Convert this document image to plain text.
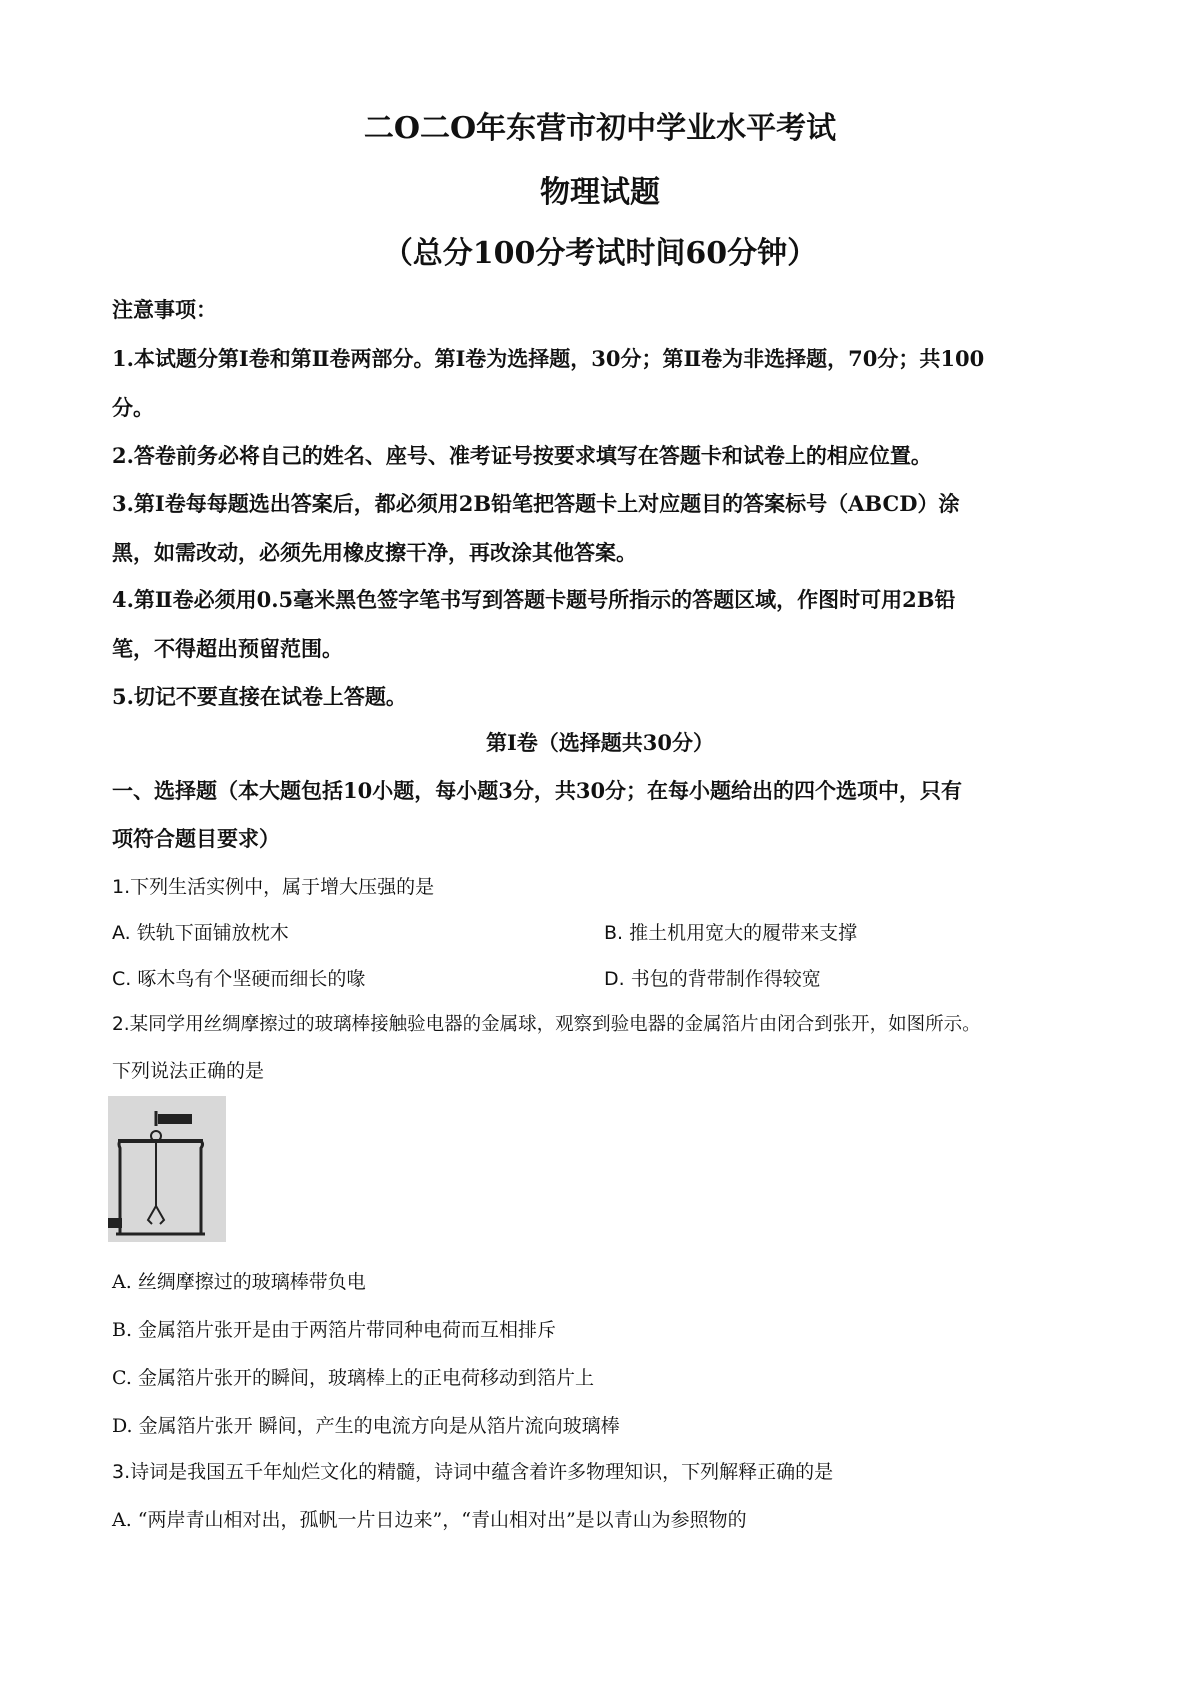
二O二O年东营市初中学业水平考试
物理试题
（总分100分考试时间60分钟）
注意事项：
1.本试题分第I卷和第Ⅱ卷两部分。第I卷为选择题，30分；第Ⅱ卷为非选择题，70分；共100
分。
2.答卷前务必将自己的姓名、座号、准考证号按要求填写在答题卡和试卷上的相应位置。
3.第Ⅰ卷每每题选出答案后，都必须用2B铅笔把答题卡上对应题目的答案标号（ABCD）涂
黑，如需改动，必须先用橡皮擦干净，再改涂其他答案。
4.第Ⅱ卷必须用0.5毫米黑色签字笔书写到答题卡题号所指示的答题区域，作图时可用2B铅
笔，不得超出预留范围。
5.切记不要直接在试卷上答题。
第Ⅰ卷（选择题共30分）
一、选择题（本大题包括10小题，每小题3分，共30分；在每小题给出的四个选项中，只有
项符合题目要求）
1.下列生活实例中，属于增大压强的是
A. 铁轨下面铺放枕木	B. 推土机用宽大的履带来支撑
C. 啄木鸟有个坚硬而细长的喙	D. 书包的背带制作得较宽
2.某同学用丝绸摩擦过的玻璃棒接触验电器的金属球，观察到验电器的金属箔片由闭合到张开，如图所示。
下列说法正确的是
A. 丝绸摩擦过的玻璃棒带负电
B. 金属箔片张开是由于两箔片带同种电荷而互相排斥
C. 金属箔片张开的瞬间，玻璃棒上的正电荷移动到箔片上
D. 金属箔片张开 瞬间，产生的电流方向是从箔片流向玻璃棒
3.诗词是我国五千年灿烂文化的精髓，诗词中蕴含着许多物理知识，下列解释正确的是
A. “两岸青山相对出，孤帆一片日边来”，“青山相对出”是以青山为参照物的
